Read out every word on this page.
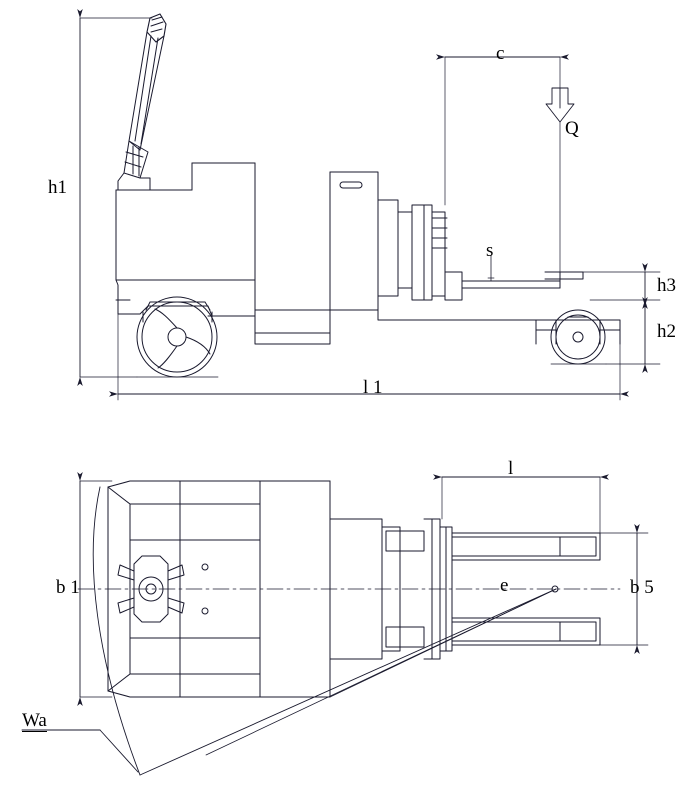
h1
l 1
c
Q
s
h3
h2
l
b 1	b 5
e
Wa
